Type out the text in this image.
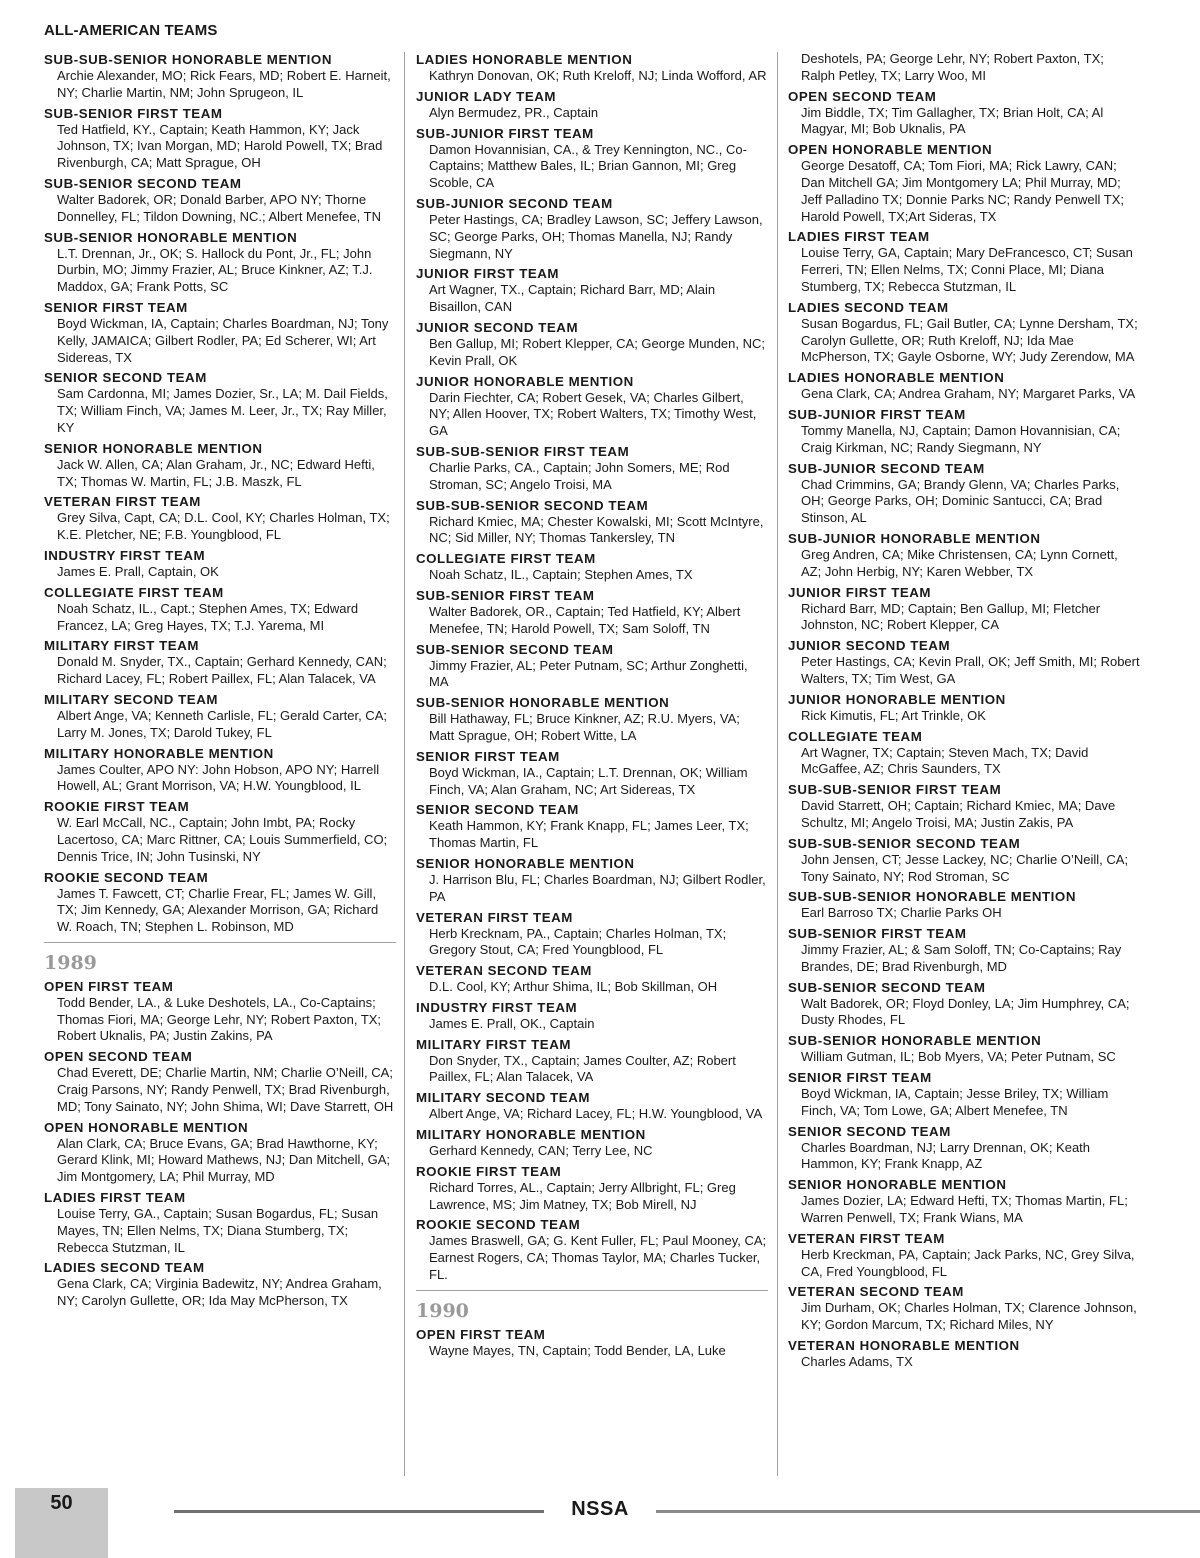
ALL-AMERICAN TEAMS
SUB-SUB-SENIOR HONORABLE MENTION
Archie Alexander, MO; Rick Fears, MD; Robert E. Harneit, NY; Charlie Martin, NM; John Sprugeon, IL
SUB-SENIOR FIRST TEAM
Ted Hatfield, KY., Captain; Keath Hammon, KY; Jack Johnson, TX; Ivan Morgan, MD; Harold Powell, TX; Brad Rivenburgh, CA; Matt Sprague, OH
SUB-SENIOR SECOND TEAM
Walter Badorek, OR; Donald Barber, APO NY; Thorne Donnelley, FL; Tildon Downing, NC.; Albert Menefee, TN
SUB-SENIOR HONORABLE MENTION
L.T. Drennan, Jr., OK; S. Hallock du Pont, Jr., FL; John Durbin, MO; Jimmy Frazier, AL; Bruce Kinkner, AZ; T.J. Maddox, GA; Frank Potts, SC
SENIOR FIRST TEAM
Boyd Wickman, IA, Captain; Charles Boardman, NJ; Tony Kelly, JAMAICA; Gilbert Rodler, PA; Ed Scherer, WI; Art Sidereas, TX
SENIOR SECOND TEAM
Sam Cardonna, MI; James Dozier, Sr., LA; M. Dail Fields, TX; William Finch, VA; James M. Leer, Jr., TX; Ray Miller, KY
SENIOR HONORABLE MENTION
Jack W. Allen, CA; Alan Graham, Jr., NC; Edward Hefti, TX; Thomas W. Martin, FL; J.B. Maszk, FL
VETERAN FIRST TEAM
Grey Silva, Capt, CA; D.L. Cool, KY; Charles Holman, TX; K.E. Pletcher, NE; F.B. Youngblood, FL
INDUSTRY FIRST TEAM
James E. Prall, Captain, OK
COLLEGIATE FIRST TEAM
Noah Schatz, IL., Capt.; Stephen Ames, TX; Edward Francez, LA; Greg Hayes, TX; T.J. Yarema, MI
MILITARY FIRST TEAM
Donald M. Snyder, TX., Captain; Gerhard Kennedy, CAN; Richard Lacey, FL; Robert Paillex, FL; Alan Talacek, VA
MILITARY SECOND TEAM
Albert Ange, VA; Kenneth Carlisle, FL; Gerald Carter, CA; Larry M. Jones, TX; Darold Tukey, FL
MILITARY HONORABLE MENTION
James Coulter, APO NY: John Hobson, APO NY; Harrell Howell, AL; Grant Morrison, VA; H.W. Youngblood, IL
ROOKIE FIRST TEAM
W. Earl McCall, NC., Captain; John Imbt, PA; Rocky Lacertoso, CA; Marc Rittner, CA; Louis Summerfield, CO; Dennis Trice, IN; John Tusinski, NY
ROOKIE SECOND TEAM
James T. Fawcett, CT; Charlie Frear, FL; James W. Gill, TX; Jim Kennedy, GA; Alexander Morrison, GA; Richard W. Roach, TN; Stephen L. Robinson, MD
1989
OPEN FIRST TEAM
Todd Bender, LA., & Luke Deshotels, LA., Co-Captains; Thomas Fiori, MA; George Lehr, NY; Robert Paxton, TX; Robert Uknalis, PA; Justin Zakins, PA
OPEN SECOND TEAM
Chad Everett, DE; Charlie Martin, NM; Charlie O’Neill, CA; Craig Parsons, NY; Randy Penwell, TX; Brad Rivenburgh, MD; Tony Sainato, NY; John Shima, WI; Dave Starrett, OH
OPEN HONORABLE MENTION
Alan Clark, CA; Bruce Evans, GA; Brad Hawthorne, KY; Gerard Klink, MI; Howard Mathews, NJ; Dan Mitchell, GA; Jim Montgomery, LA; Phil Murray, MD
LADIES FIRST TEAM
Louise Terry, GA., Captain; Susan Bogardus, FL; Susan Mayes, TN; Ellen Nelms, TX; Diana Stumberg, TX; Rebecca Stutzman, IL
LADIES SECOND TEAM
Gena Clark, CA; Virginia Badewitz, NY; Andrea Graham, NY; Carolyn Gullette, OR; Ida May McPherson, TX
LADIES HONORABLE MENTION
Kathryn Donovan, OK; Ruth Kreloff, NJ; Linda Wofford, AR
JUNIOR LADY TEAM
Alyn Bermudez, PR., Captain
SUB-JUNIOR FIRST TEAM
Damon Hovannisian, CA., & Trey Kennington, NC., Co-Captains; Matthew Bales, IL; Brian Gannon, MI; Greg Scoble, CA
SUB-JUNIOR SECOND TEAM
Peter Hastings, CA; Bradley Lawson, SC; Jeffery Lawson, SC; George Parks, OH; Thomas Manella, NJ; Randy Siegmann, NY
JUNIOR FIRST TEAM
Art Wagner, TX., Captain; Richard Barr, MD; Alain Bisaillon, CAN
JUNIOR SECOND TEAM
Ben Gallup, MI; Robert Klepper, CA; George Munden, NC; Kevin Prall, OK
JUNIOR HONORABLE MENTION
Darin Fiechter, CA; Robert Gesek, VA; Charles Gilbert, NY; Allen Hoover, TX; Robert Walters, TX; Timothy West, GA
SUB-SUB-SENIOR FIRST TEAM
Charlie Parks, CA., Captain; John Somers, ME; Rod Stroman, SC; Angelo Troisi, MA
SUB-SUB-SENIOR SECOND TEAM
Richard Kmiec, MA; Chester Kowalski, MI; Scott McIntyre, NC; Sid Miller, NY; Thomas Tankersley, TN
COLLEGIATE FIRST TEAM
Noah Schatz, IL., Captain; Stephen Ames, TX
SUB-SENIOR FIRST TEAM
Walter Badorek, OR., Captain; Ted Hatfield, KY; Albert Menefee, TN; Harold Powell, TX; Sam Soloff, TN
SUB-SENIOR SECOND TEAM
Jimmy Frazier, AL; Peter Putnam, SC; Arthur Zonghetti, MA
SUB-SENIOR HONORABLE MENTION
Bill Hathaway, FL; Bruce Kinkner, AZ; R.U. Myers, VA; Matt Sprague, OH; Robert Witte, LA
SENIOR FIRST TEAM
Boyd Wickman, IA., Captain; L.T. Drennan, OK; William Finch, VA; Alan Graham, NC; Art Sidereas, TX
SENIOR SECOND TEAM
Keath Hammon, KY; Frank Knapp, FL; James Leer, TX; Thomas Martin, FL
SENIOR HONORABLE MENTION
J. Harrison Blu, FL; Charles Boardman, NJ; Gilbert Rodler, PA
VETERAN FIRST TEAM
Herb Krecknam, PA., Captain; Charles Holman, TX; Gregory Stout, CA; Fred Youngblood, FL
VETERAN SECOND TEAM
D.L. Cool, KY; Arthur Shima, IL; Bob Skillman, OH
INDUSTRY FIRST TEAM
James E. Prall, OK., Captain
MILITARY FIRST TEAM
Don Snyder, TX., Captain; James Coulter, AZ; Robert Paillex, FL; Alan Talacek, VA
MILITARY SECOND TEAM
Albert Ange, VA; Richard Lacey, FL; H.W. Youngblood, VA
MILITARY HONORABLE MENTION
Gerhard Kennedy, CAN; Terry Lee, NC
ROOKIE FIRST TEAM
Richard Torres, AL., Captain; Jerry Allbright, FL; Greg Lawrence, MS; Jim Matney, TX; Bob Mirell, NJ
ROOKIE SECOND TEAM
James Braswell, GA; G. Kent Fuller, FL; Paul Mooney, CA; Earnest Rogers, CA; Thomas Taylor, MA; Charles Tucker, FL.
1990
OPEN FIRST TEAM
Wayne Mayes, TN, Captain; Todd Bender, LA, Luke
Deshotels, PA; George Lehr, NY; Robert Paxton, TX; Ralph Petley, TX; Larry Woo, MI
OPEN SECOND TEAM
Jim Biddle, TX; Tim Gallagher, TX; Brian Holt, CA; Al Magyar, MI; Bob Uknalis, PA
OPEN HONORABLE MENTION
George Desatoff, CA; Tom Fiori, MA; Rick Lawry, CAN; Dan Mitchell GA; Jim Montgomery LA; Phil Murray, MD; Jeff Palladino TX; Donnie Parks NC; Randy Penwell TX; Harold Powell, TX;Art Sideras, TX
LADIES FIRST TEAM
Louise Terry, GA, Captain; Mary DeFrancesco, CT; Susan Ferreri, TN; Ellen Nelms, TX; Conni Place, MI; Diana Stumberg, TX; Rebecca Stutzman, IL
LADIES SECOND TEAM
Susan Bogardus, FL; Gail Butler, CA; Lynne Dersham, TX; Carolyn Gullette, OR; Ruth Kreloff, NJ; Ida Mae McPherson, TX; Gayle Osborne, WY; Judy Zerendow, MA
LADIES HONORABLE MENTION
Gena Clark, CA; Andrea Graham, NY; Margaret Parks, VA
SUB-JUNIOR FIRST TEAM
Tommy Manella, NJ, Captain; Damon Hovannisian, CA; Craig Kirkman, NC; Randy Siegmann, NY
SUB-JUNIOR SECOND TEAM
Chad Crimmins, GA; Brandy Glenn, VA; Charles Parks, OH; George Parks, OH; Dominic Santucci, CA; Brad Stinson, AL
SUB-JUNIOR HONORABLE MENTION
Greg Andren, CA; Mike Christensen, CA; Lynn Cornett, AZ; John Herbig, NY; Karen Webber, TX
JUNIOR FIRST TEAM
Richard Barr, MD; Captain; Ben Gallup, MI; Fletcher Johnston, NC; Robert Klepper, CA
JUNIOR SECOND TEAM
Peter Hastings, CA; Kevin Prall, OK; Jeff Smith, MI; Robert Walters, TX; Tim West, GA
JUNIOR HONORABLE MENTION
Rick Kimutis, FL; Art Trinkle, OK
COLLEGIATE TEAM
Art Wagner, TX; Captain; Steven Mach, TX; David McGaffee, AZ; Chris Saunders, TX
SUB-SUB-SENIOR FIRST TEAM
David Starrett, OH; Captain; Richard Kmiec, MA; Dave Schultz, MI; Angelo Troisi, MA; Justin Zakis, PA
SUB-SUB-SENIOR SECOND TEAM
John Jensen, CT; Jesse Lackey, NC; Charlie O’Neill, CA; Tony Sainato, NY; Rod Stroman, SC
SUB-SUB-SENIOR HONORABLE MENTION
Earl Barroso TX; Charlie Parks OH
SUB-SENIOR FIRST TEAM
Jimmy Frazier, AL; & Sam Soloff, TN; Co-Captains; Ray Brandes, DE; Brad Rivenburgh, MD
SUB-SENIOR SECOND TEAM
Walt Badorek, OR; Floyd Donley, LA; Jim Humphrey, CA; Dusty Rhodes, FL
SUB-SENIOR HONORABLE MENTION
William Gutman, IL; Bob Myers, VA; Peter Putnam, SC
SENIOR FIRST TEAM
Boyd Wickman, IA, Captain; Jesse Briley, TX; William Finch, VA; Tom Lowe, GA; Albert Menefee, TN
SENIOR SECOND TEAM
Charles Boardman, NJ; Larry Drennan, OK; Keath Hammon, KY; Frank Knapp, AZ
SENIOR HONORABLE MENTION
James Dozier, LA; Edward Hefti, TX; Thomas Martin, FL; Warren Penwell, TX; Frank Wians, MA
VETERAN FIRST TEAM
Herb Kreckman, PA, Captain; Jack Parks, NC, Grey Silva, CA, Fred Youngblood, FL
VETERAN SECOND TEAM
Jim Durham, OK; Charles Holman, TX; Clarence Johnson, KY; Gordon Marcum, TX; Richard Miles, NY
VETERAN HONORABLE MENTION
Charles Adams, TX
50	NSSA
